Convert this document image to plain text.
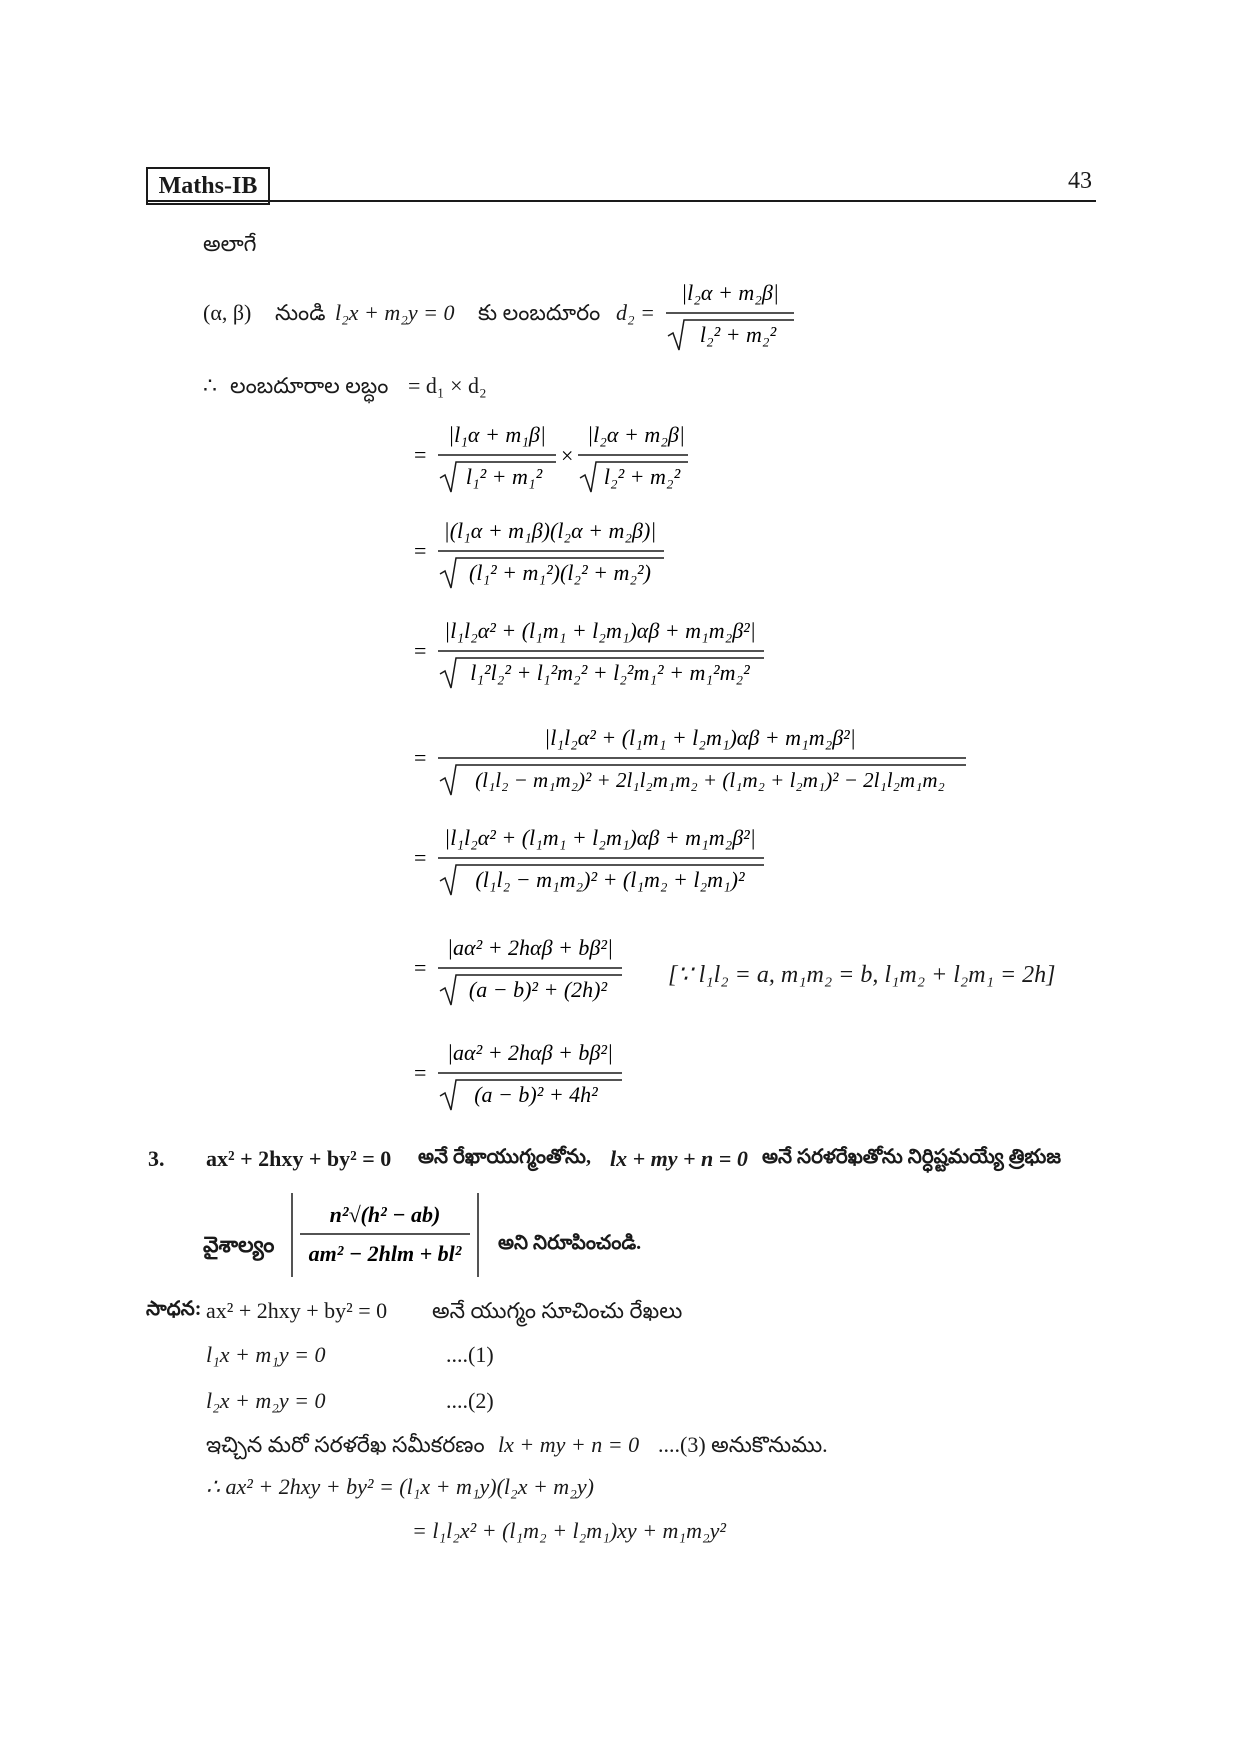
Maths-IB	43
అలాగే
(α, β) నుండి l₂x + m₂y = 0 కు లంబదూరం d₂ =
|l₂α + m₂β|
l₂² + m₂²
∴ లంబదూరాల లబ్ధం = d₁ × d₂
=
|l₁α + m₁β|
l₁² + m₁²
×
|l₂α + m₂β|
l₂² + m₂²
=
|(l₁α + m₁β)(l₂α + m₂β)|
(l₁² + m₁²)(l₂² + m₂²)
=
|l₁l₂α² + (l₁m₁ + l₂m₁)αβ + m₁m₂β²|
l₁²l₂² + l₁²m₂² + l₂²m₁² + m₁²m₂²
=
|l₁l₂α² + (l₁m₁ + l₂m₁)αβ + m₁m₂β²|
(l₁l₂ − m₁m₂)² + 2l₁l₂m₁m₂ + (l₁m₂ + l₂m₁)² − 2l₁l₂m₁m₂
=
|l₁l₂α² + (l₁m₁ + l₂m₁)αβ + m₁m₂β²|
(l₁l₂ − m₁m₂)² + (l₁m₂ + l₂m₁)²
=
|aα² + 2hαβ + bβ²|
(a − b)² + (2h)²
[∵ l₁l₂ = a, m₁m₂ = b, l₁m₂ + l₂m₁ = 2h]
=
|aα² + 2hαβ + bβ²|
(a − b)² + 4h²
3. ax² + 2hxy + by² = 0 అనే రేఖాయుగ్మంతోను, lx + my + n = 0 అనే సరళరేఖతోను నిర్ధిష్టమయ్యే త్రిభుజ
వైశాల్యం
n²√(h² − ab)
am² − 2hlm + bl² అని నిరూపించండి.
సాధన: ax² + 2hxy + by² = 0 అనే యుగ్మం సూచించు రేఖలు
l₁x + m₁y = 0	....(1)
l₂x + m₂y = 0	....(2)
ఇచ్చిన మరో సరళరేఖ సమీకరణం lx + my + n = 0 ....(3) అనుకొనుము.
∴ ax² + 2hxy + by² = (l₁x + m₁y)(l₂x + m₂y)
= l₁l₂x² + (l₁m₂ + l₂m₁)xy + m₁m₂y²
